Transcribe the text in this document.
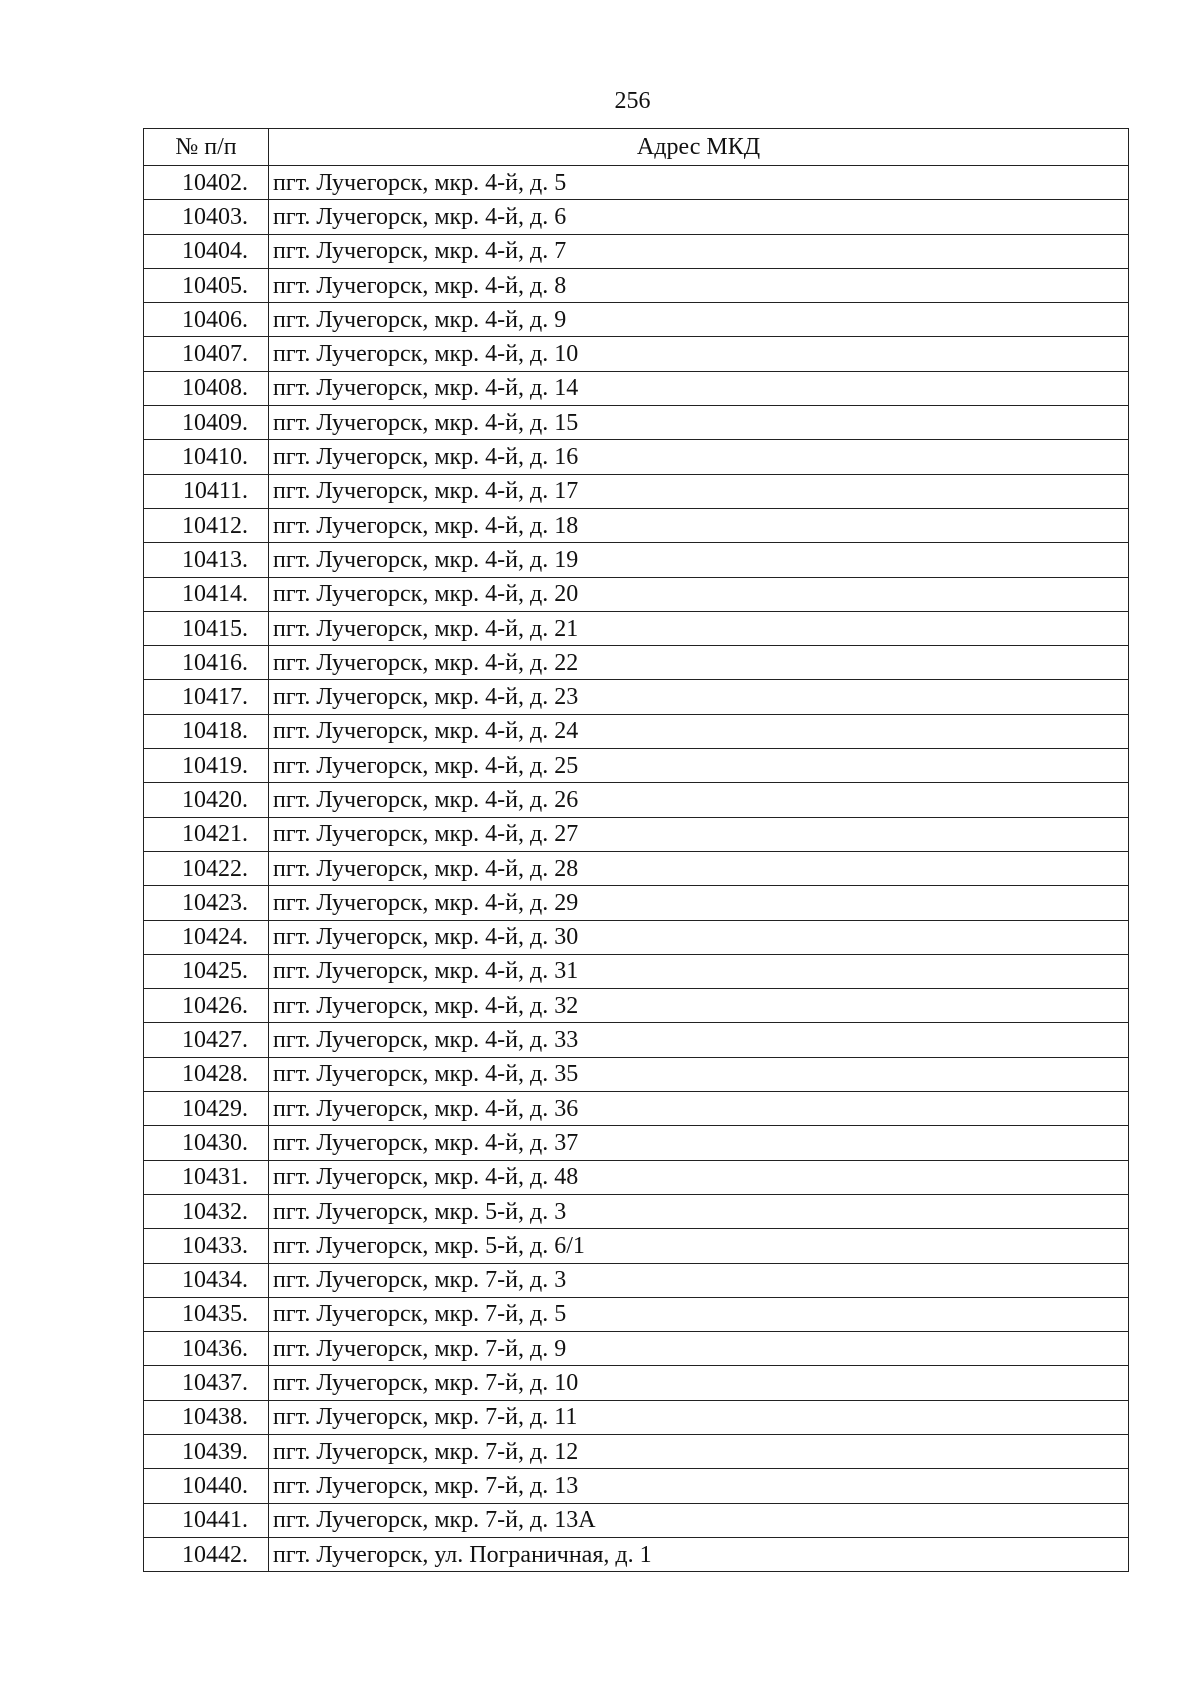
256
№ п/п	Адрес МКД
10402.	пгт. Лучегорск, мкр. 4-й, д. 5
10403.	пгт. Лучегорск, мкр. 4-й, д. 6
10404.	пгт. Лучегорск, мкр. 4-й, д. 7
10405.	пгт. Лучегорск, мкр. 4-й, д. 8
10406.	пгт. Лучегорск, мкр. 4-й, д. 9
10407.	пгт. Лучегорск, мкр. 4-й, д. 10
10408.	пгт. Лучегорск, мкр. 4-й, д. 14
10409.	пгт. Лучегорск, мкр. 4-й, д. 15
10410.	пгт. Лучегорск, мкр. 4-й, д. 16
10411.	пгт. Лучегорск, мкр. 4-й, д. 17
10412.	пгт. Лучегорск, мкр. 4-й, д. 18
10413.	пгт. Лучегорск, мкр. 4-й, д. 19
10414.	пгт. Лучегорск, мкр. 4-й, д. 20
10415.	пгт. Лучегорск, мкр. 4-й, д. 21
10416.	пгт. Лучегорск, мкр. 4-й, д. 22
10417.	пгт. Лучегорск, мкр. 4-й, д. 23
10418.	пгт. Лучегорск, мкр. 4-й, д. 24
10419.	пгт. Лучегорск, мкр. 4-й, д. 25
10420.	пгт. Лучегорск, мкр. 4-й, д. 26
10421.	пгт. Лучегорск, мкр. 4-й, д. 27
10422.	пгт. Лучегорск, мкр. 4-й, д. 28
10423.	пгт. Лучегорск, мкр. 4-й, д. 29
10424.	пгт. Лучегорск, мкр. 4-й, д. 30
10425.	пгт. Лучегорск, мкр. 4-й, д. 31
10426.	пгт. Лучегорск, мкр. 4-й, д. 32
10427.	пгт. Лучегорск, мкр. 4-й, д. 33
10428.	пгт. Лучегорск, мкр. 4-й, д. 35
10429.	пгт. Лучегорск, мкр. 4-й, д. 36
10430.	пгт. Лучегорск, мкр. 4-й, д. 37
10431.	пгт. Лучегорск, мкр. 4-й, д. 48
10432.	пгт. Лучегорск, мкр. 5-й, д. 3
10433.	пгт. Лучегорск, мкр. 5-й, д. 6/1
10434.	пгт. Лучегорск, мкр. 7-й, д. 3
10435.	пгт. Лучегорск, мкр. 7-й, д. 5
10436.	пгт. Лучегорск, мкр. 7-й, д. 9
10437.	пгт. Лучегорск, мкр. 7-й, д. 10
10438.	пгт. Лучегорск, мкр. 7-й, д. 11
10439.	пгт. Лучегорск, мкр. 7-й, д. 12
10440.	пгт. Лучегорск, мкр. 7-й, д. 13
10441.	пгт. Лучегорск, мкр. 7-й, д. 13А
10442.	пгт. Лучегорск, ул. Пограничная, д. 1
